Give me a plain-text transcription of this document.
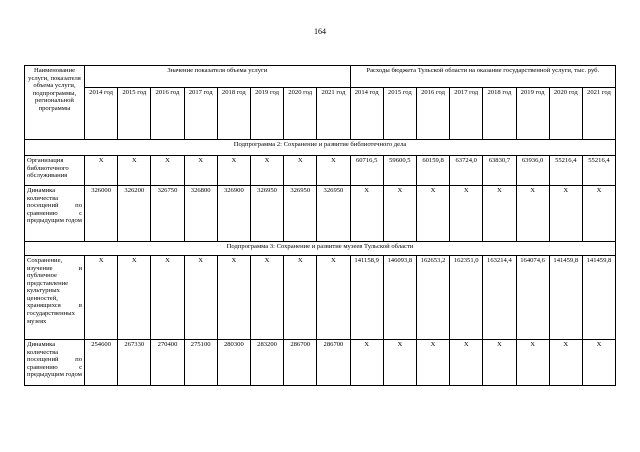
164
Наименование услуги, показателя объема услуги, подпрограммы, региональной программы	Значение показателя объема услуги								Расходы бюджета Тульской области на оказание государственной услуги, тыс. руб.							
	2014 год	2015 год	2016 год	2017 год	2018 год	2019 год	2020 год	2021 год	2014 год	2015 год	2016 год	2017 год	2018 год	2019 год	2020 год	2021 год
Подпрограмма 2: Сохранение и развитие библиотечного дела																
Организация библиотечного обслуживания	X	X	X	X	X	X	X	X	60716,5	59600,5	60159,8	63724,0	63830,7	63936,0	55216,4	55216,4
Динамика количества посещений по сравнению с предыдущим годом	326000	326200	326750	326800	326900	326950	326950	326950	X	X	X	X	X	X	X	X
Подпрограмма 3: Сохранение и развитие музеев Тульской области																
Сохранение, изучение и публичное представление культурных ценностей, хранящихся в государственных музеях	X	X	X	X	X	X	X	X	141158,9	146093,8	162653,2	162351,0	163214,4	164074,6	141459,8	141459,8
Динамика количества посещений по сравнению с предыдущим годом	254600	267330	270400	275100	280300	283200	286700	286700	X	X	X	X	X	X	X	X
